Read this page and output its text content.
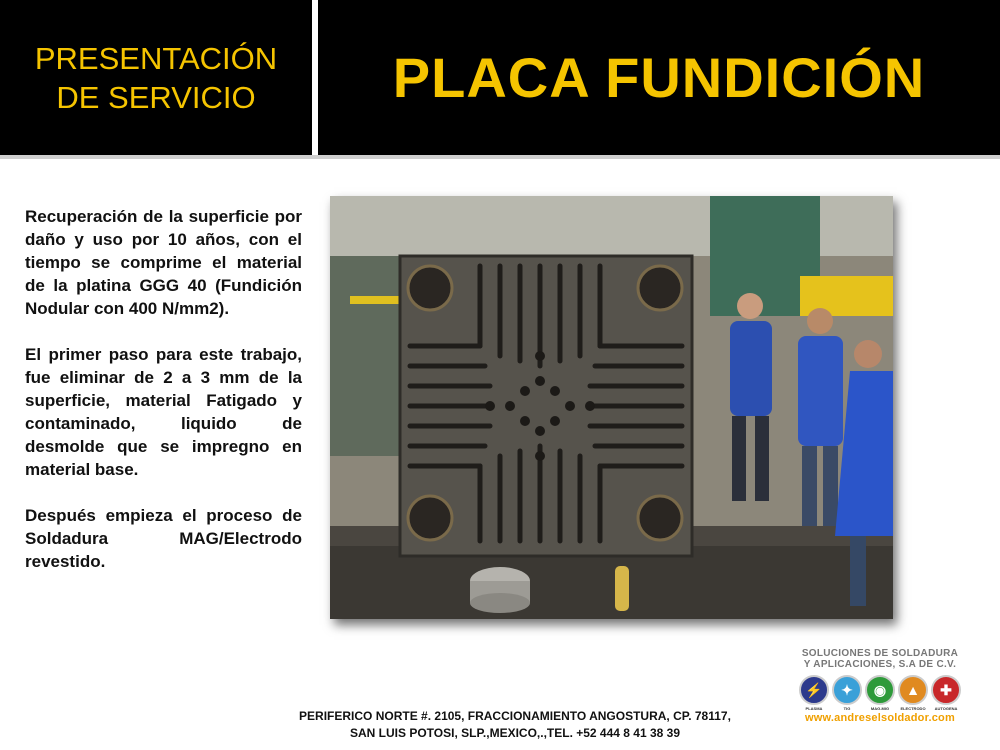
PRESENTACIÓN
DE SERVICIO	PLACA FUNDICIÓN

Recuperación de la superficie por daño y uso por 10 años, con el tiempo se comprime el material de la platina GGG 40 (Fundición Nodular con 400 N/mm2).

El primer paso para este trabajo, fue eliminar de 2 a 3 mm de la superficie, material Fatigado y contaminado, liquido de desmolde que se impregno en material base.

Después empieza el proceso de Soldadura MAG/Electrodo revestido.

PERIFERICO NORTE #. 2105, FRACCIONAMIENTO ANGOSTURA, CP. 78117,
SAN LUIS POTOSI, SLP.,MEXICO,.,TEL. +52 444 8 41 38 39
SOLUCIONES DE SOLDADURA
Y APLICACIONES, S.A DE C.V.
⚡	✦	◉	▲	✚
PLASMA	TIG	MAG-MIG	ELECTRODO	AUTOGENA
www.andreselsoldador.com
